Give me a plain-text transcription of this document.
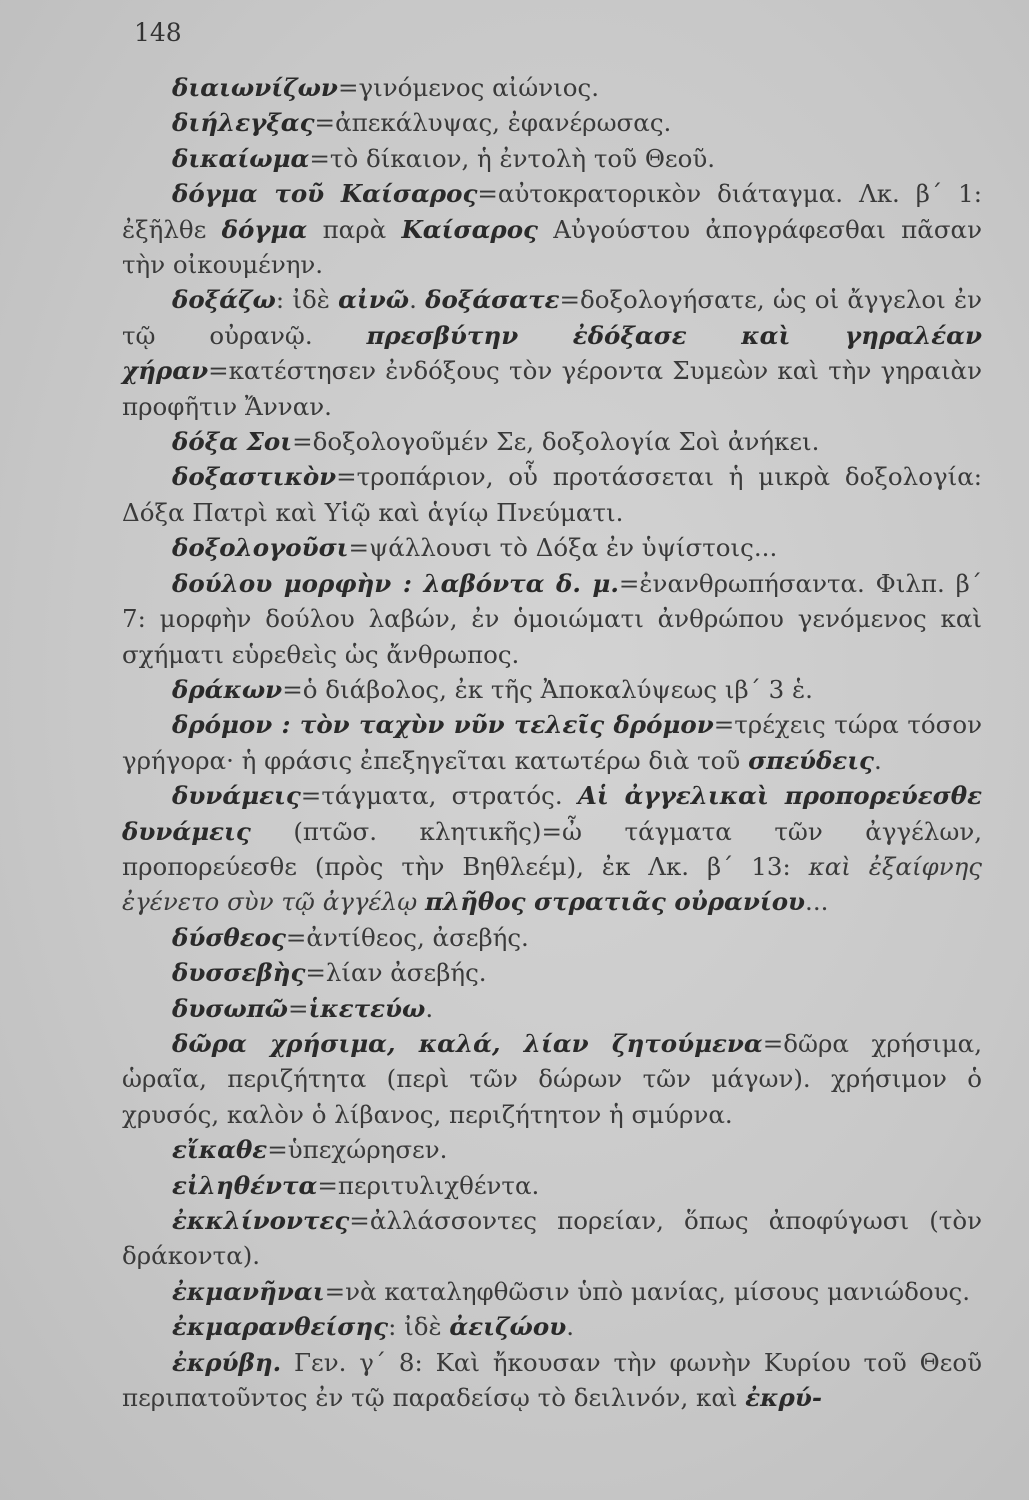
148

διαιωνίζων=γινόμενος αἰώνιος.

διήλεγξας=ἀπεκάλυψας, ἐφανέρωσας.

δικαίωμα=τὸ δίκαιον, ἡ ἐντολὴ τοῦ Θεοῦ.

δόγμα τοῦ Καίσαρος=αὐτοκρατορικὸν διάταγμα. Λκ. β΄ 1: ἐξῆλθε δόγμα παρὰ Καίσαρος Αὐγούστου ἀπογράφεσθαι πᾶσαν τὴν οἰκουμένην.

δοξάζω: ἰδὲ αἰνῶ. δοξάσατε=δοξολογήσατε, ὡς οἱ ἄγγελοι ἐν τῷ οὐρανῷ. πρεσβύτην ἐδόξασε καὶ γηραλέαν χήραν=κατέστησεν ἐνδόξους τὸν γέροντα Συμεὼν καὶ τὴν γηραιὰν προφῆτιν Ἄνναν.

δόξα Σοι=δοξολογοῦμέν Σε, δοξολογία Σοὶ ἀνήκει.

δοξαστικὸν=τροπάριον, οὗ προτάσσεται ἡ μικρὰ δοξολογία: Δόξα Πατρὶ καὶ Υἱῷ καὶ ἁγίῳ Πνεύματι.

δοξολογοῦσι=ψάλλουσι τὸ Δόξα ἐν ὑψίστοις...

δούλου μορφὴν : λαβόντα δ. μ.=ἐνανθρωπήσαντα. Φιλπ. β΄ 7: μορφὴν δούλου λαβών, ἐν ὁμοιώματι ἀνθρώπου γενόμενος καὶ σχήματι εὑρεθεὶς ὡς ἄνθρωπος.

δράκων=ὁ διάβολος, ἐκ τῆς Ἀποκαλύψεως ιβ΄ 3 ἑ.

δρόμον : τὸν ταχὺν νῦν τελεῖς δρόμον=τρέχεις τώρα τόσον γρήγορα· ἡ φράσις ἐπεξηγεῖται κατωτέρω διὰ τοῦ σπεύδεις.

δυνάμεις=τάγματα, στρατός. Αἱ ἀγγελικαὶ προπορεύεσθε δυνάμεις (πτῶσ. κλητικῆς)=ὦ τάγματα τῶν ἀγγέλων, προπορεύεσθε (πρὸς τὴν Βηθλεέμ), ἐκ Λκ. β΄ 13: καὶ ἐξαίφνης ἐγένετο σὺν τῷ ἀγγέλῳ πλῆθος στρατιᾶς οὐρανίου...

δύσθεος=ἀντίθεος, ἀσεβής.

δυσσεβὴς=λίαν ἀσεβής.

δυσωπῶ=ἱκετεύω.

δῶρα χρήσιμα, καλά, λίαν ζητούμενα=δῶρα χρήσιμα, ὡραῖα, περιζήτητα (περὶ τῶν δώρων τῶν μάγων). χρήσιμον ὁ χρυσός, καλὸν ὁ λίβανος, περιζήτητον ἡ σμύρνα.

εἴκαθε=ὑπεχώρησεν.

εἰληθέντα=περιτυλιχθέντα.

ἐκκλίνοντες=ἀλλάσσοντες πορείαν, ὅπως ἀποφύγωσι (τὸν δράκοντα).

ἐκμανῆναι=νὰ καταληφθῶσιν ὑπὸ μανίας, μίσους μανιώδους.

ἐκμαρανθείσης: ἰδὲ ἀειζώου.

ἐκρύβη. Γεν. γ΄ 8: Καὶ ἤκουσαν τὴν φωνὴν Κυρίου τοῦ Θεοῦ περιπατοῦντος ἐν τῷ παραδείσῳ τὸ δειλινόν, καὶ ἐκρύ-
